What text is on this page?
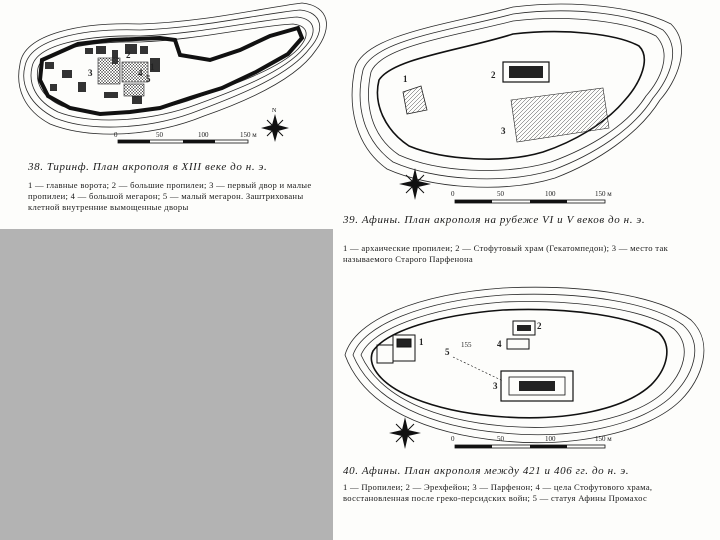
1
2
3	4
5
N
0	50	100	150 м
38. Тиринф. План акрополя в XIII веке до н. э.
1 — главные ворота; 2 — большие пропилеи; 3 — первый двор и малые пропилеи; 4 — большой мегарон; 5 — малый мегарон. Заштрихованы клетной внутренние вымощенные дворы
1	2
3
0	50	100	150 м
39. Афины. План акрополя на рубеже VI и V веков до н. э.
1 — архаические пропилеи; 2 — Стофутовый храм (Гекатомпедон); 3 — место так называемого Старого Парфенона
1
2
3
4
5
155
0	50	100	150 м
40. Афины. План акрополя между 421 и 406 гг. до н. э.
1 — Пропилеи; 2 — Эрехфейон; 3 — Парфенон; 4 — цела Стофутового храма, восстановленная после греко-персидских войн; 5 — статуя Афины Промахос
